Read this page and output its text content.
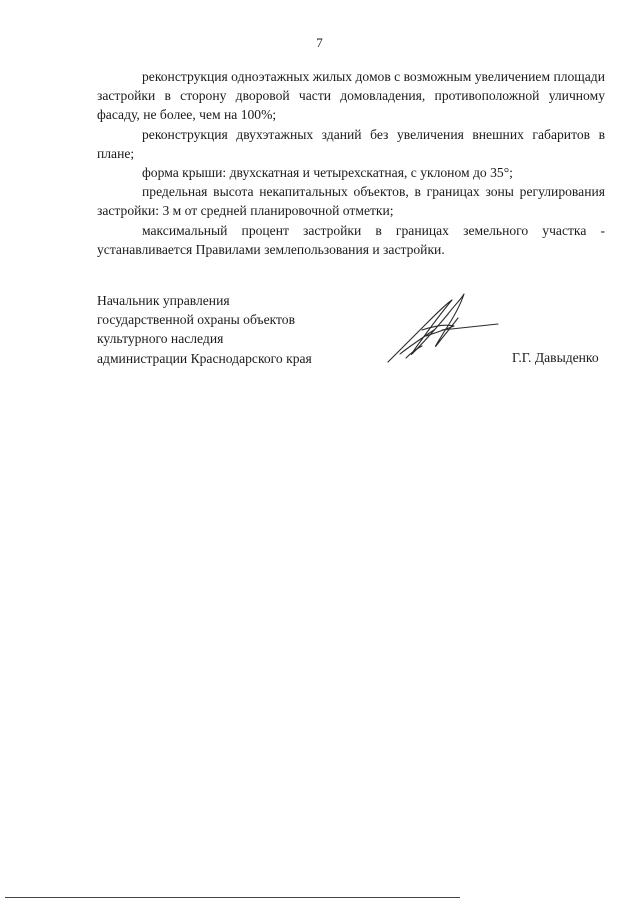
7

реконструкция одноэтажных жилых домов с возможным увеличением площади застройки в сторону дворовой части домовладения, противоположной уличному фасаду, не более, чем на 100%;

реконструкция двухэтажных зданий без увеличения внешних габаритов в плане;

форма крыши: двухскатная и четырехскатная, с уклоном до 35°;

предельная высота некапитальных объектов, в границах зоны регулирования застройки: 3 м от средней планировочной отметки;

максимальный процент застройки в границах земельного участка - устанавливается Правилами землепользования и застройки.

Начальник управления
государственной охраны объектов
культурного наследия
администрации Краснодарского края	Г.Г. Давыденко
